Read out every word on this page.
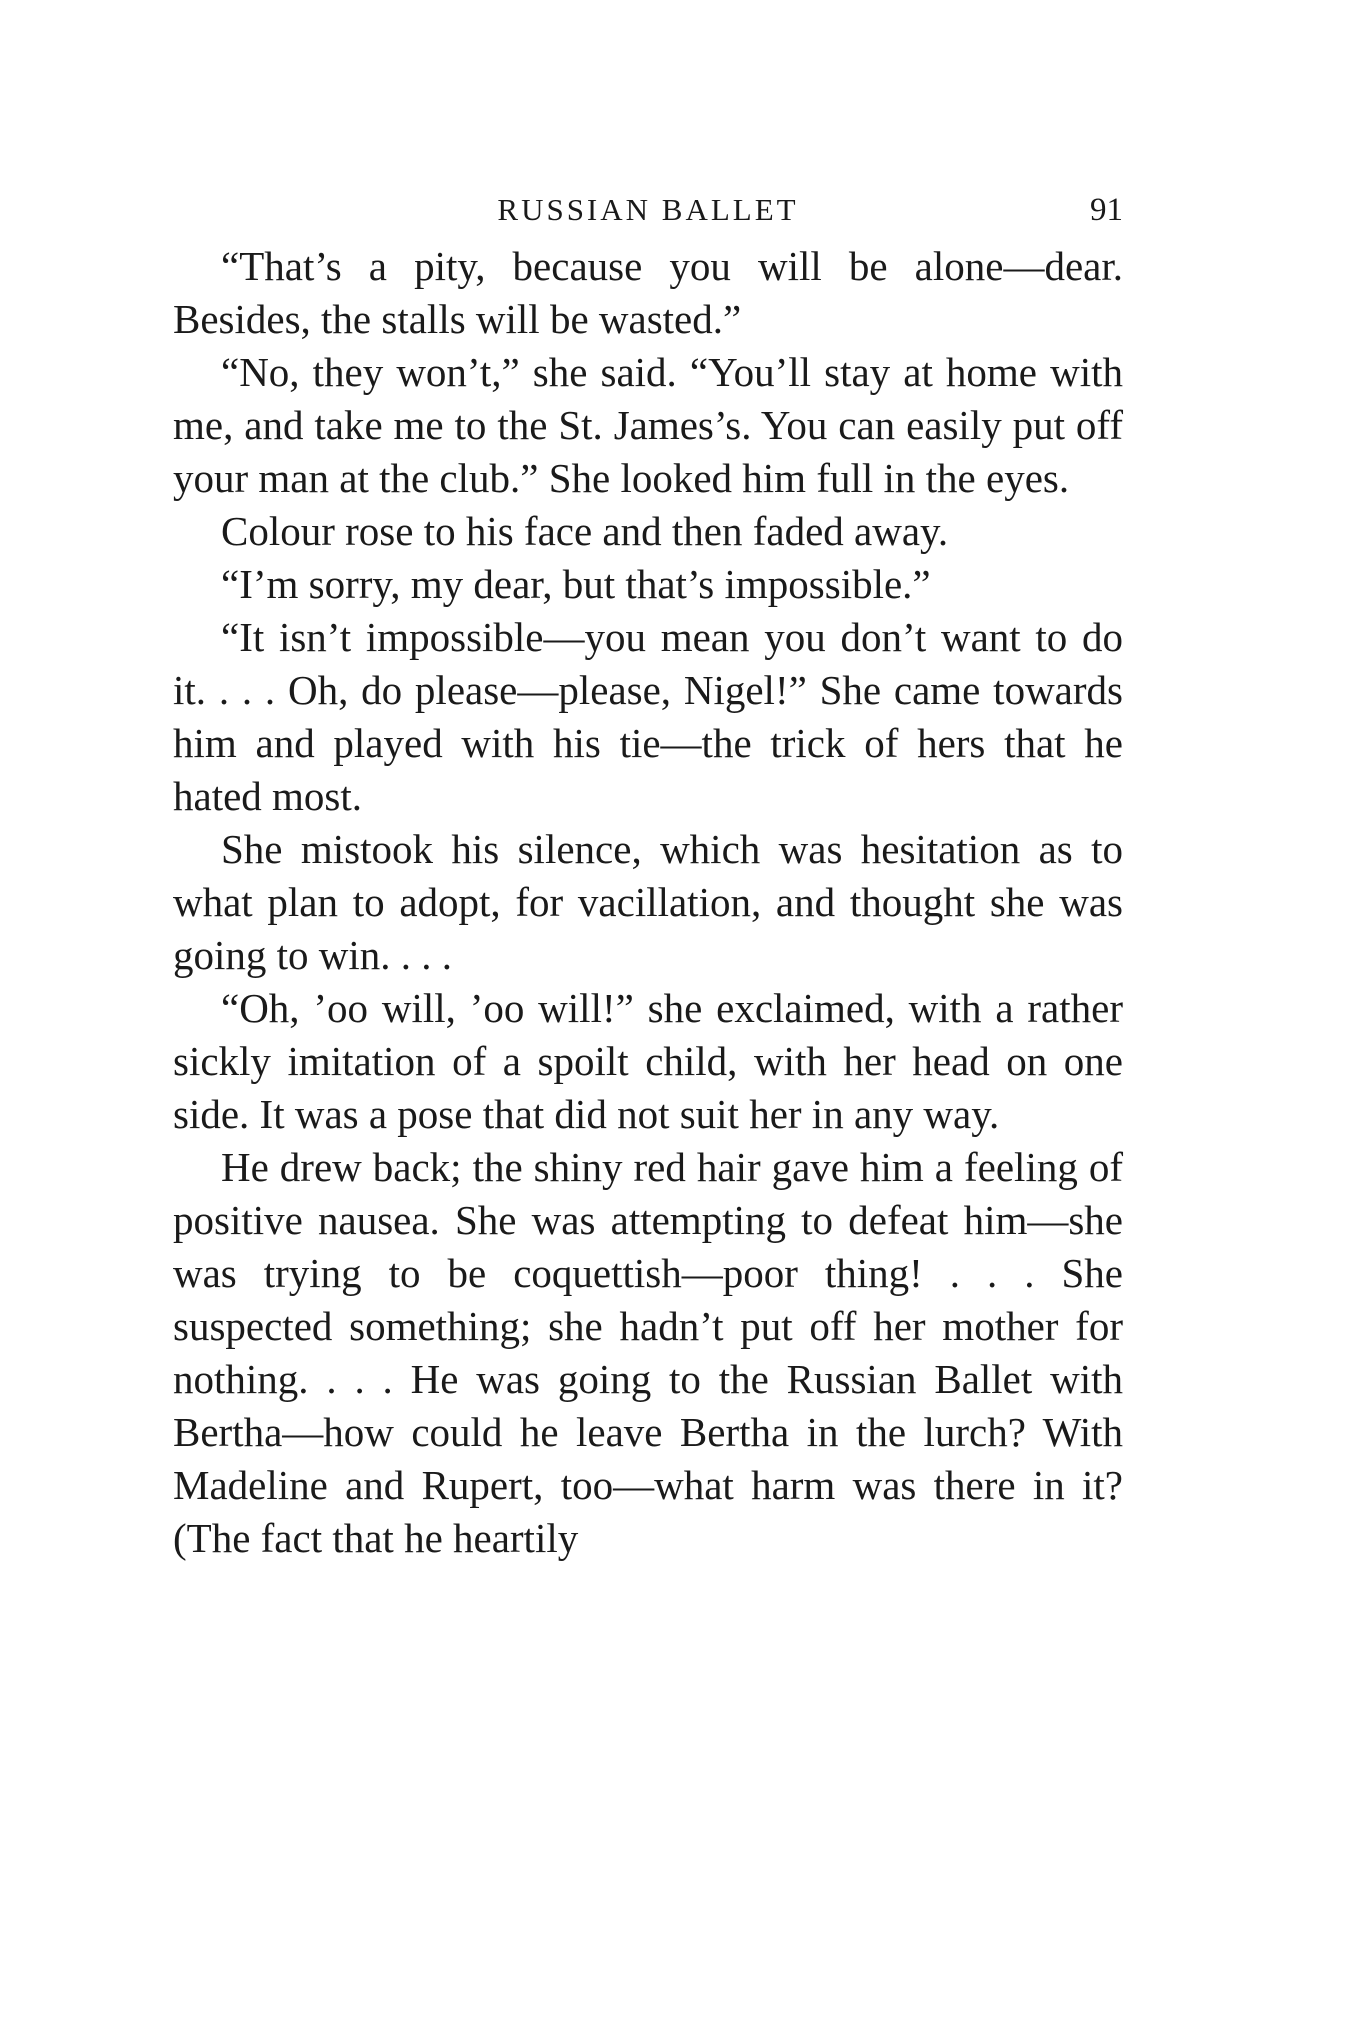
RUSSIAN BALLET	91

“That’s a pity, because you will be alone—dear. Besides, the stalls will be wasted.”

“No, they won’t,” she said. “You’ll stay at home with me, and take me to the St. James’s. You can easily put off your man at the club.” She looked him full in the eyes.

Colour rose to his face and then faded away.

“I’m sorry, my dear, but that’s impossible.”

“It isn’t impossible—you mean you don’t want to do it. . . . Oh, do please—please, Nigel!” She came towards him and played with his tie—the trick of hers that he hated most.

She mistook his silence, which was hesitation as to what plan to adopt, for vacillation, and thought she was going to win. . . .

“Oh, ’oo will, ’oo will!” she exclaimed, with a rather sickly imitation of a spoilt child, with her head on one side. It was a pose that did not suit her in any way.

He drew back; the shiny red hair gave him a feeling of positive nausea. She was attempting to defeat him—she was trying to be coquettish—poor thing! . . . She suspected something; she hadn’t put off her mother for nothing. . . . He was going to the Russian Ballet with Bertha—how could he leave Bertha in the lurch? With Madeline and Rupert, too—what harm was there in it? (The fact that he heartily
